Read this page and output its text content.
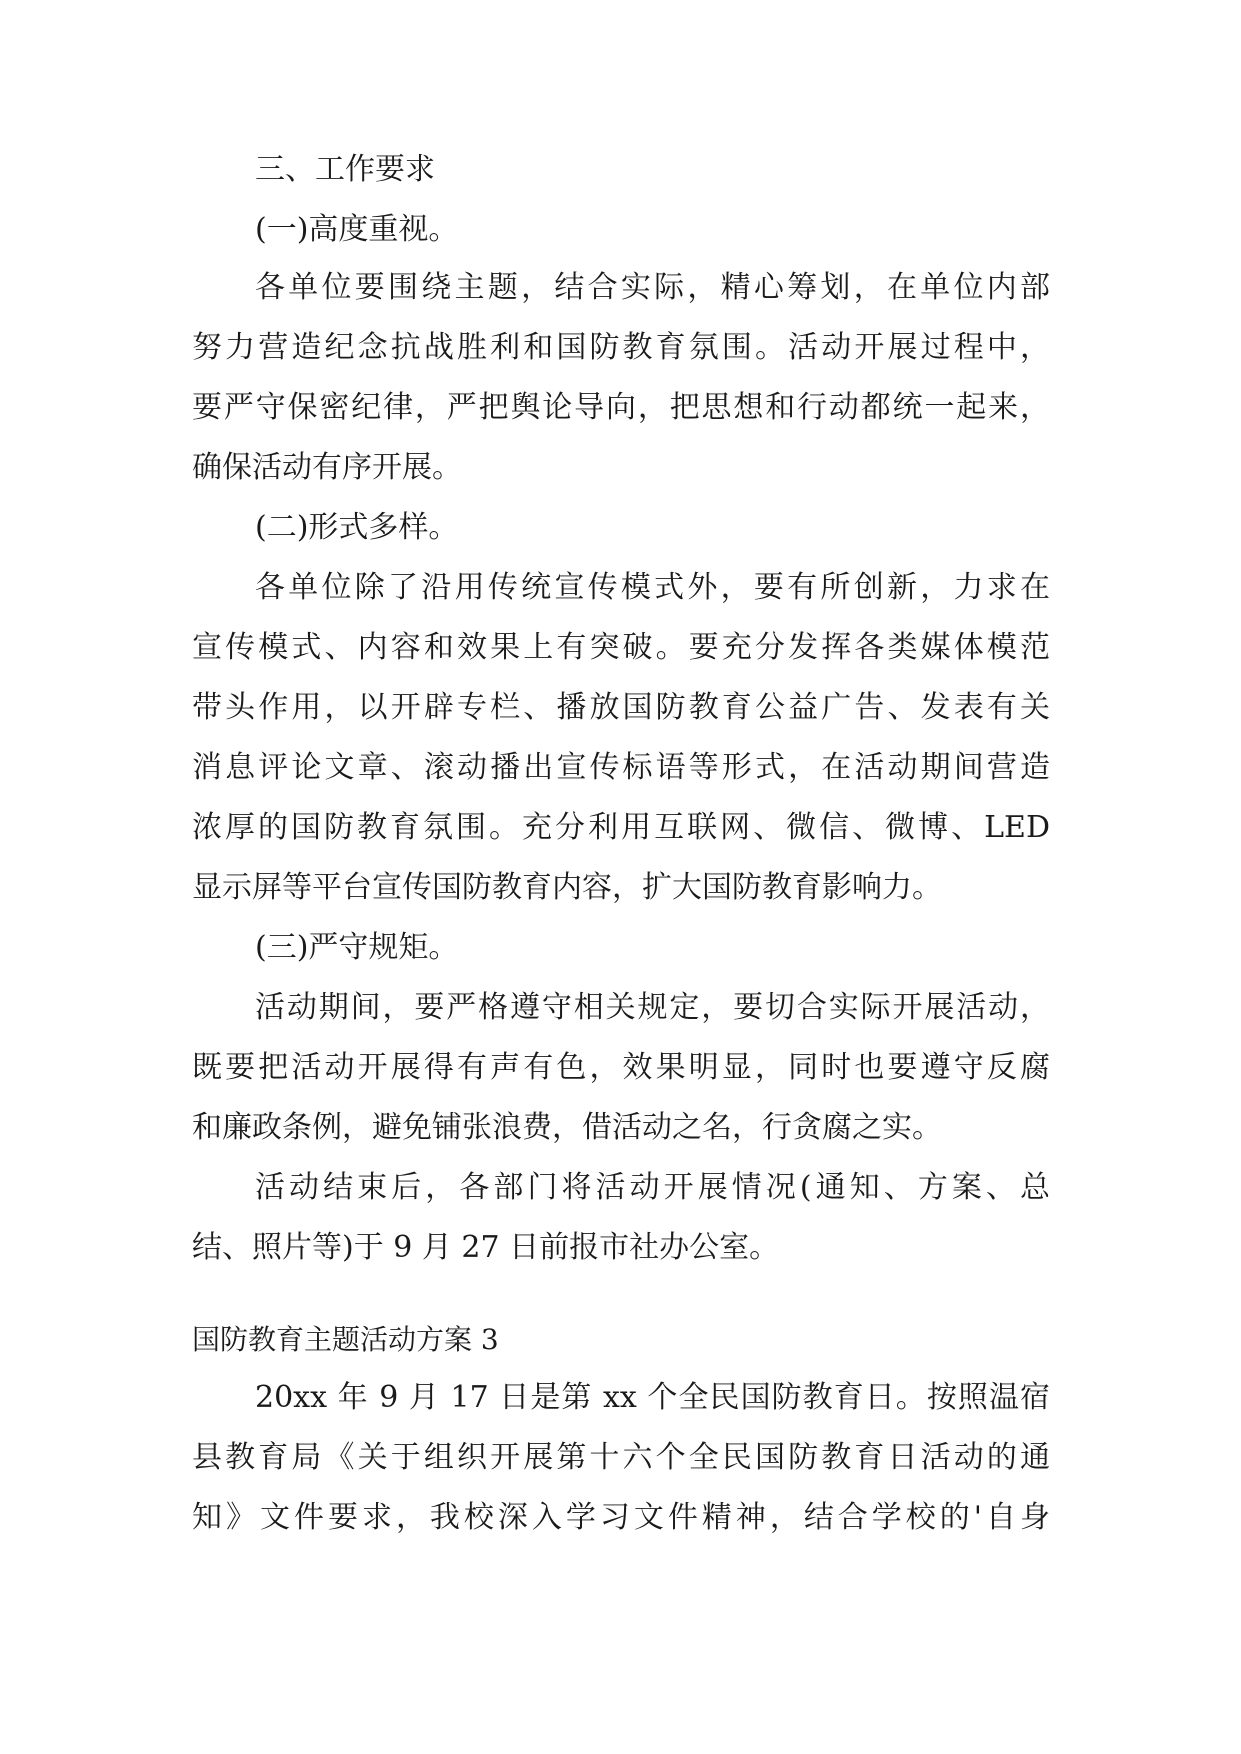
三、工作要求
(一)高度重视。
各单位要围绕主题，结合实际，精心筹划，在单位内部
努力营造纪念抗战胜利和国防教育氛围。活动开展过程中，
要严守保密纪律，严把舆论导向，把思想和行动都统一起来，
确保活动有序开展。
(二)形式多样。
各单位除了沿用传统宣传模式外，要有所创新，力求在
宣传模式、内容和效果上有突破。要充分发挥各类媒体模范
带头作用，以开辟专栏、播放国防教育公益广告、发表有关
消息评论文章、滚动播出宣传标语等形式，在活动期间营造
浓厚的国防教育氛围。充分利用互联网、微信、微博、LED
显示屏等平台宣传国防教育内容，扩大国防教育影响力。
(三)严守规矩。
活动期间，要严格遵守相关规定，要切合实际开展活动，
既要把活动开展得有声有色，效果明显，同时也要遵守反腐
和廉政条例，避免铺张浪费，借活动之名，行贪腐之实。
活动结束后，各部门将活动开展情况(通知、方案、总
结、照片等)于 9 月 27 日前报市社办公室。
国防教育主题活动方案 3
20xx 年 9 月 17 日是第 xx 个全民国防教育日。按照温宿
县教育局《关于组织开展第十六个全民国防教育日活动的通
知》文件要求，我校深入学习文件精神，结合学校的'自身
